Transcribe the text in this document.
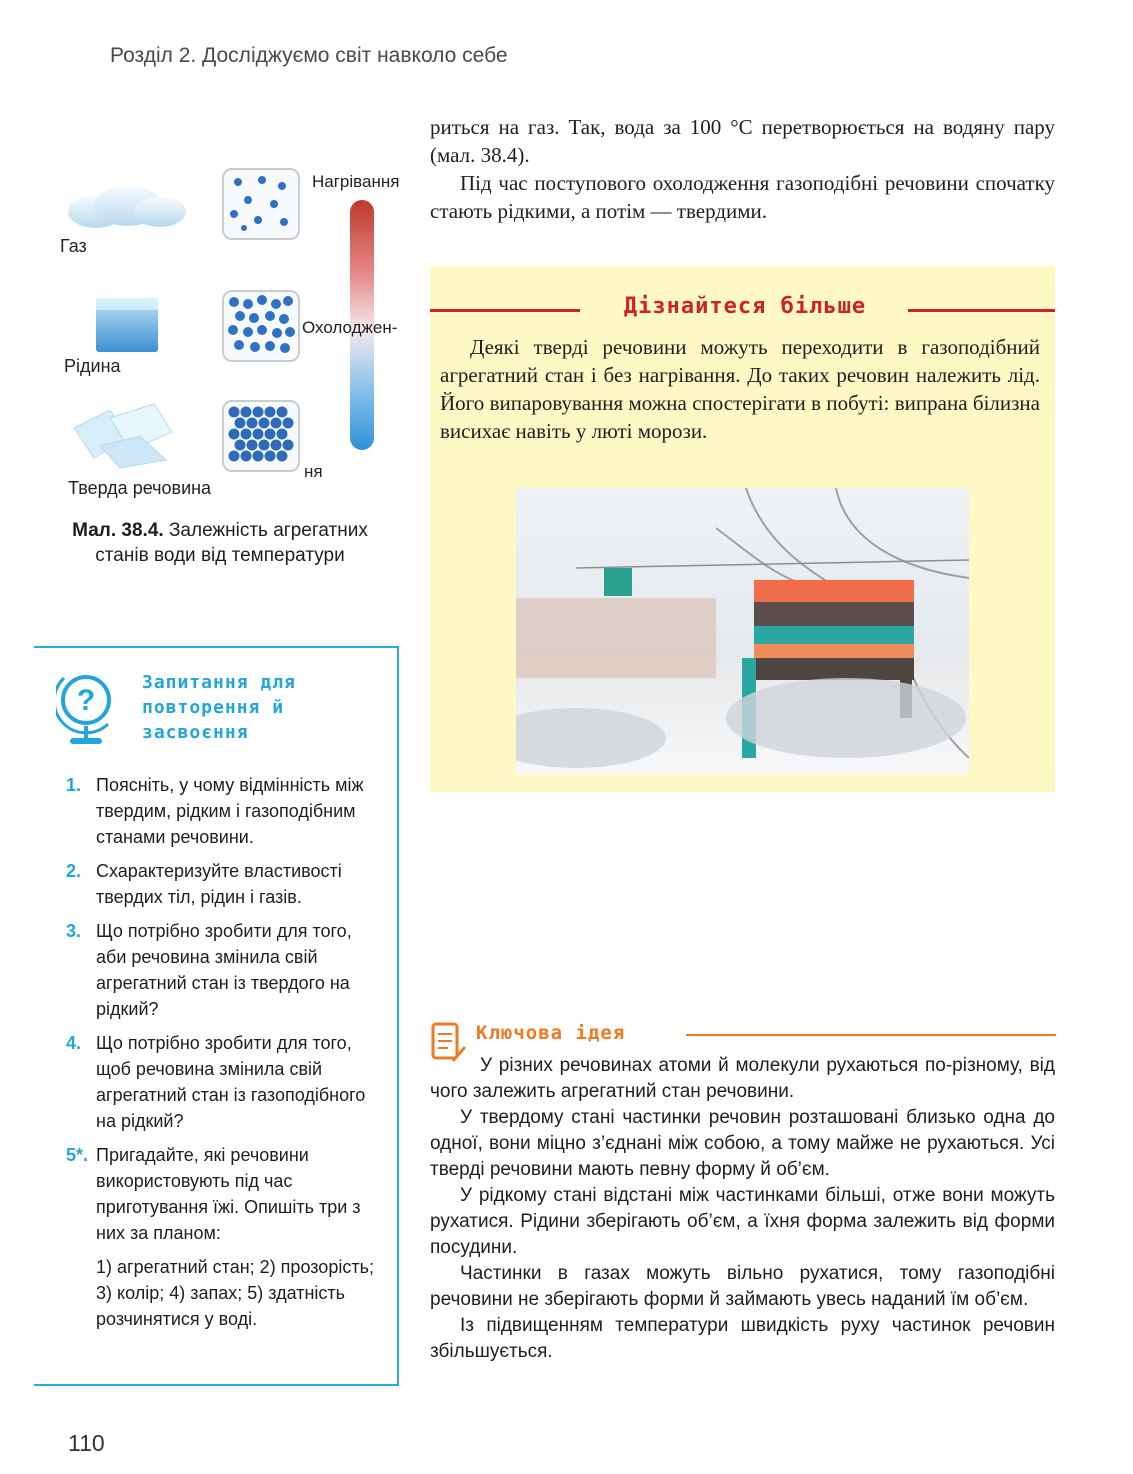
Розділ 2. Досліджуємо світ навколо себе
Газ
Рідина
Тверда речовина
Нагрівання
Охолоджен-
ня
Мал. 38.4. Залежність агрегатних станів води від температури

риться на газ. Так, вода за 100 °С перетворюється на водяну пару (мал. 38.4).

Під час поступового охолодження газоподібні речовини спочатку стають рідкими, а потім — твердими.

Дізнайтеся більше
Деякі тверді речовини можуть переходити в газоподібний агрегатний стан і без нагрівання. До таких речовин належить лід. Його випаровування можна спостерігати в побуті: випрана білизна висихає навіть у люті морози.
?
Запитання для повторення й засвоєння
1. Поясніть, у чому відмінність між твердим, рідким і газоподібним станами речовини.
2. Схарактеризуйте властивості твердих тіл, рідин і газів.
3. Що потрібно зробити для того, аби речовина змінила свій агрегатний стан із твердого на рідкий?
4. Що потрібно зробити для того, щоб речовина змінила свій агрегатний стан із газоподібного на рідкий?
5*. Пригадайте, які речовини використовують під час приготування їжі. Опишіть три з них за планом:
1) агрегатний стан; 2) прозорість; 3) колір; 4) запах; 5) здатність розчинятися у воді.
Ключова ідея

У різних речовинах атоми й молекули рухаються по-різному, від чого залежить агрегатний стан речовини.

У твердому стані частинки речовин розташовані близько одна до одної, вони міцно з’єднані між собою, а тому майже не рухаються. Усі тверді речовини мають певну форму й об’єм.

У рідкому стані відстані між частинками більші, отже вони можуть рухатися. Рідини зберігають об’єм, а їхня форма залежить від форми посудини.

Частинки в газах можуть вільно рухатися, тому газоподібні речовини не зберігають форми й займають увесь наданий їм об’єм.

Із підвищенням температури швидкість руху частинок речовин збільшується.

110
